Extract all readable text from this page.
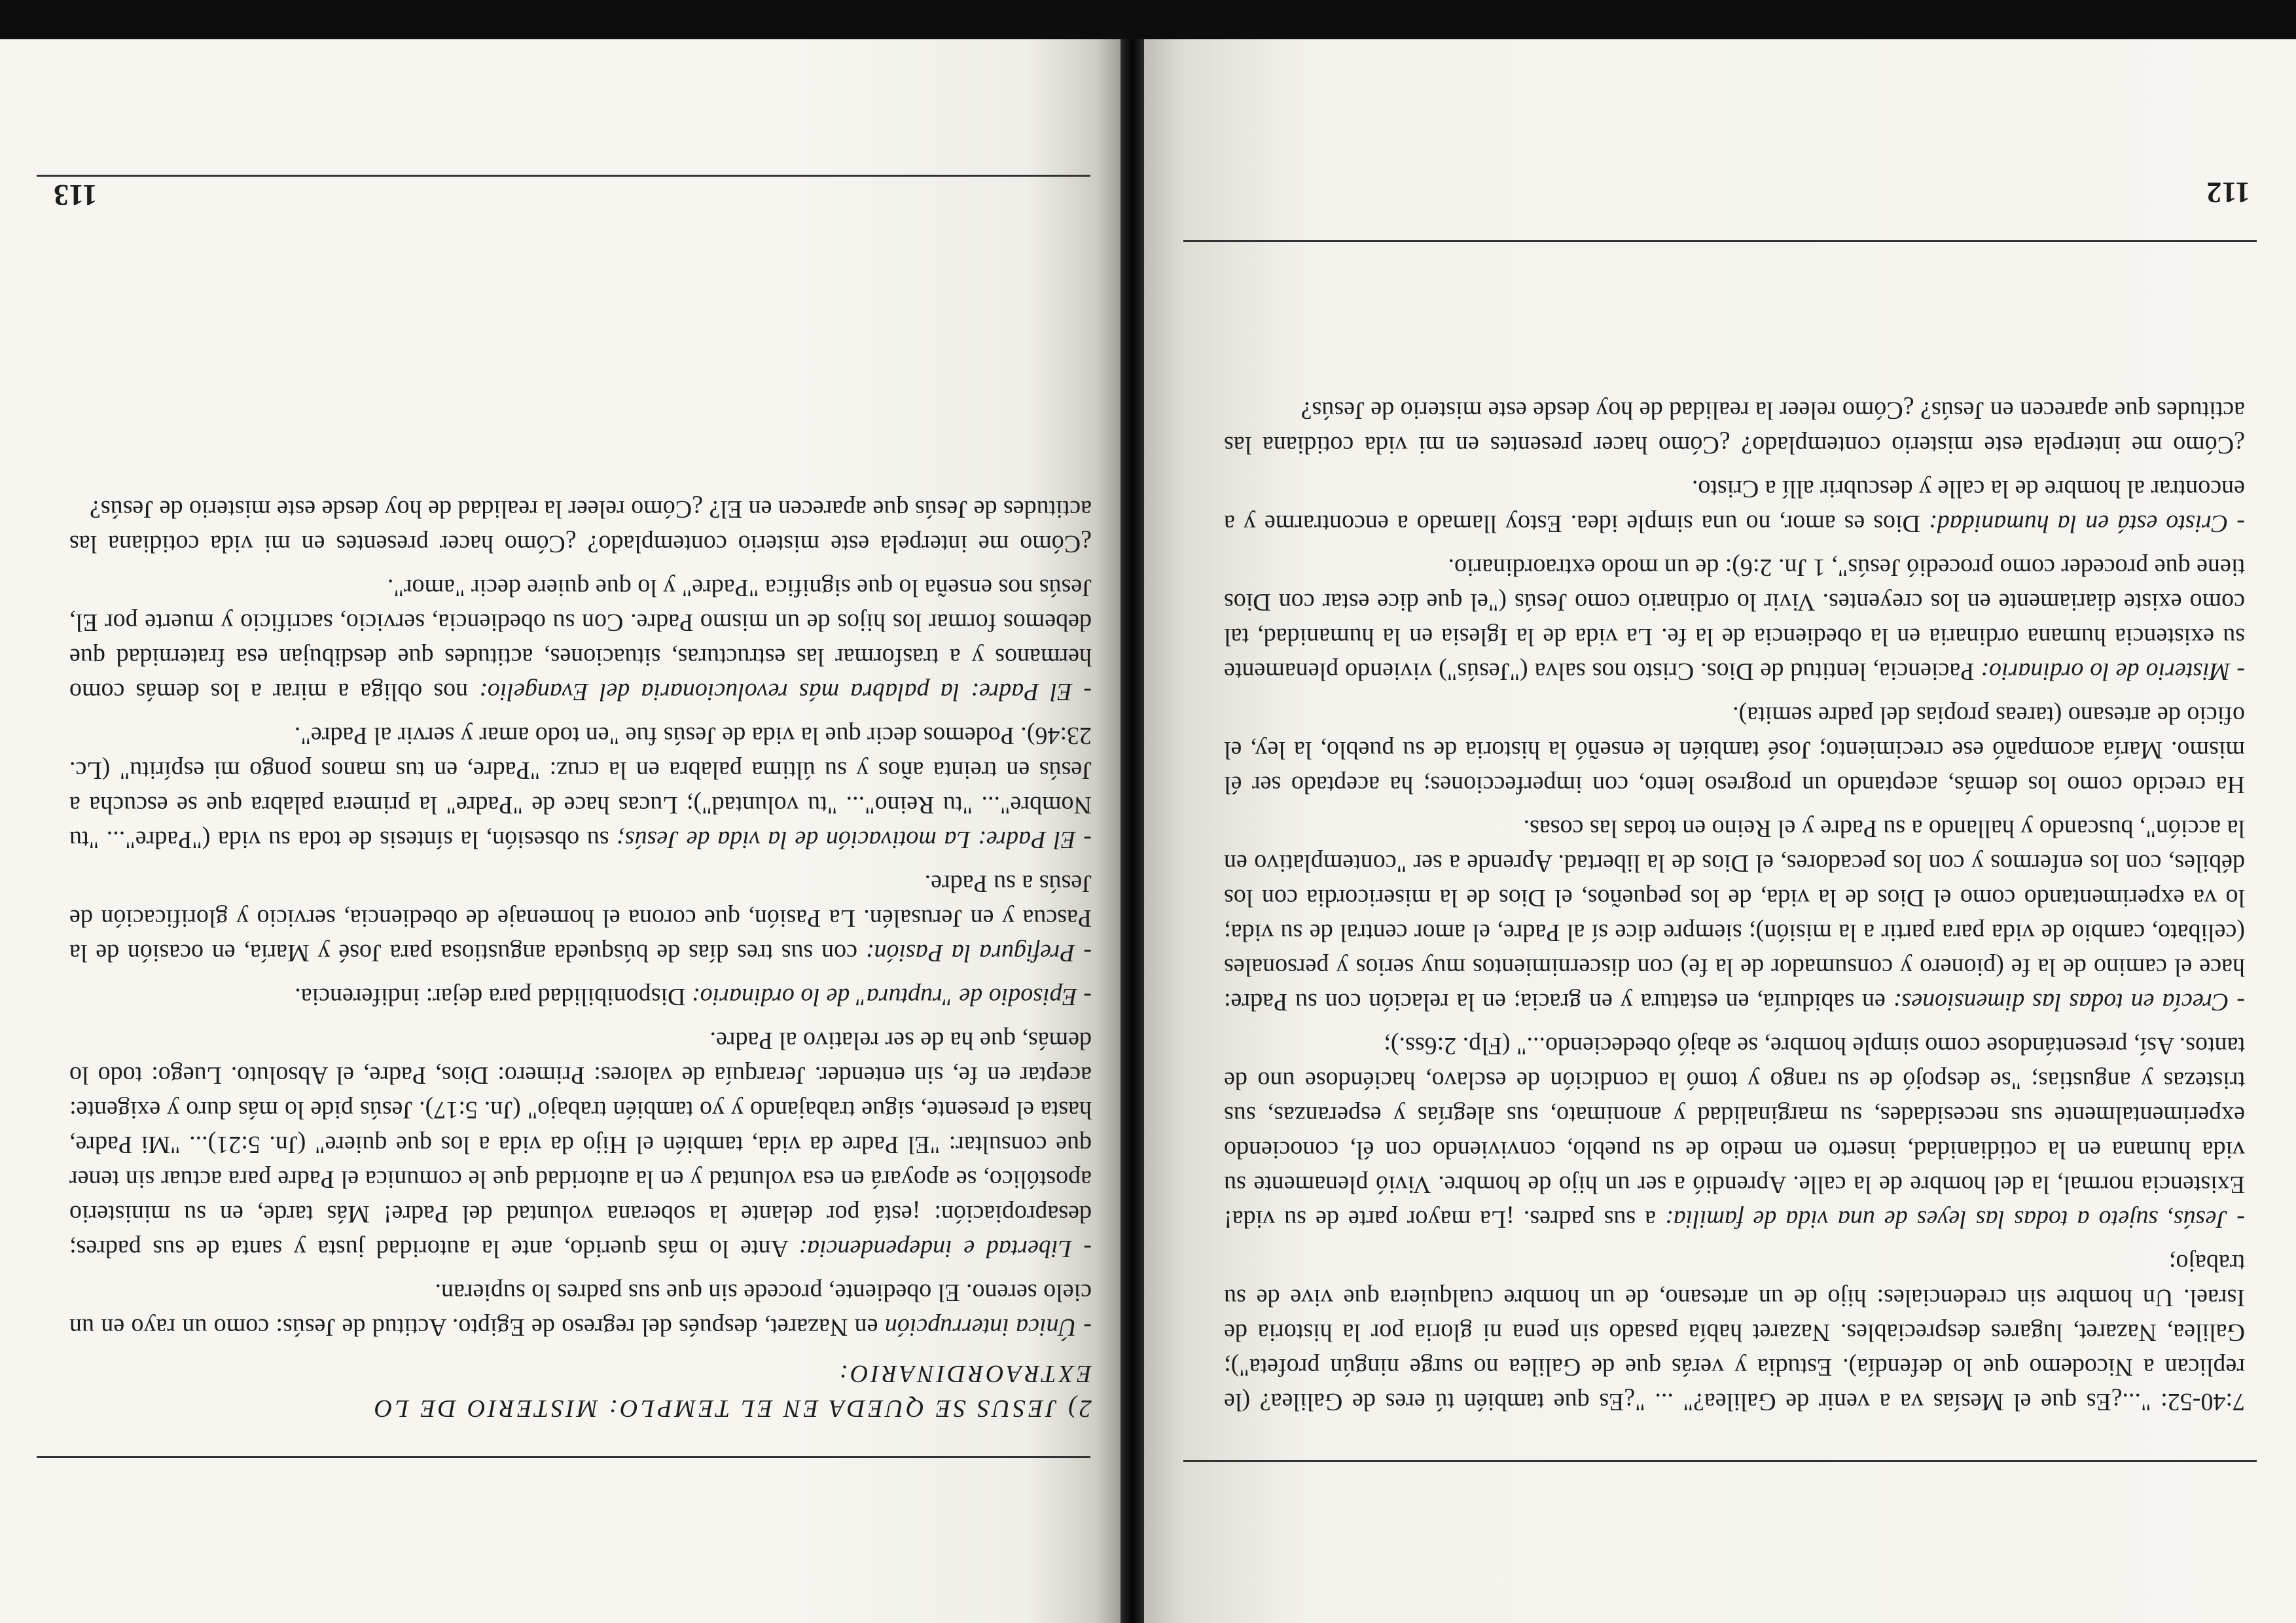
7:40-52: "...¿Es que el Mesías va a venir de Galilea?" ... "¿Es que también tú eres de Galilea? (le replican a Nicodemo que lo defendía). Estudia y verás que de Galilea no surge ningún profeta"); Galilea, Nazaret, lugares despreciables. Nazaret había pasado sin pena ni gloria por la historia de Israel. Un hombre sin credenciales: hijo de un artesano, de un hombre cualquiera que vive de su trabajo;

- Jesús, sujeto a todas las leyes de una vida de familia: a sus padres. ¡La mayor parte de su vida! Existencia normal, la del hombre de la calle. Aprendió a ser un hijo de hombre. Vivió plenamente su vida humana en la cotidianidad, inserto en medio de su pueblo, conviviendo con él, conociendo experimentalmente sus necesidades, su marginalidad y anonimato, sus alegrías y esperanzas, sus tristezas y angustias; "se despojó de su rango y tomó la condición de esclavo, haciéndose uno de tantos. Así, presentándose como simple hombre, se abajó obedeciendo..." (Flp. 2:6ss.);

- Crecía en todas las dimensiones: en sabiduría, en estatura y en gracia; en la relación con su Padre: hace el camino de la fe (pionero y consumador de la fe) con discernimientos muy serios y personales (celibato, cambio de vida para partir a la misión); siempre dice sí al Padre, el amor central de su vida; lo va experimentando como el Dios de la vida, de los pequeños, el Dios de la misericordia con los débiles, con los enfermos y con los pecadores, el Dios de la libertad. Aprende a ser "contemplativo en la acción", buscando y hallando a su Padre y el Reino en todas las cosas.

Ha crecido como los demás, aceptando un progreso lento, con imperfecciones; ha aceptado ser él mismo. María acompañó ese crecimiento; José también le enseñó la historia de su pueblo, la ley, el oficio de artesano (tareas propias del padre semita).

- Misterio de lo ordinario: Paciencia, lentitud de Dios. Cristo nos salva ("Jesús") viviendo plenamente su existencia humana ordinaria en la obediencia de la fe. La vida de la Iglesia en la humanidad, tal como existe diariamente en los creyentes. Vivir lo ordinario como Jesús ("el que dice estar con Dios tiene que proceder como procedió Jesús", 1 Jn. 2:6): de un modo extraordinario.

- Cristo está en la humanidad: Dios es amor, no una simple idea. Estoy llamado a encontrarme y a encontrar al hombre de la calle y descubrir allí a Cristo.

¿Cómo me interpela este misterio contemplado? ¿Cómo hacer presentes en mi vida cotidiana las actitudes que aparecen en Jesús? ¿Cómo releer la realidad de hoy desde este misterio de Jesús?

112

2) JESUS SE QUEDA EN EL TEMPLO: MISTERIO DE LO

EXTRAORDINARIO:

- Única interrupción en Nazaret, después del regreso de Egipto. Actitud de Jesús: como un rayo en un cielo sereno. El obediente, procede sin que sus padres lo supieran.

- Libertad e independencia: Ante lo más querido, ante la autoridad justa y santa de sus padres; desapropiación: ¡está por delante la soberana voluntad del Padre! Más tarde, en su ministerio apostólico, se apoyará en esa voluntad y en la autoridad que le comunica el Padre para actuar sin tener que consultar: "El Padre da vida, también el Hijo da vida a los que quiere" (Jn. 5:21)... "Mi Padre, hasta el presente, sigue trabajando y yo también trabajo" (Jn. 5:17). Jesús pide lo más duro y exigente: aceptar en fe, sin entender. Jerarquía de valores: Primero: Dios, Padre, el Absoluto. Luego: todo lo demás, que ha de ser relativo al Padre.

- Episodio de "ruptura" de lo ordinario: Disponibilidad para dejar: indiferencia.

- Prefigura la Pasión: con sus tres días de búsqueda angustiosa para José y María, en ocasión de la Pascua y en Jerusalén. La Pasión, que corona el homenaje de obediencia, servicio y glorificación de Jesús a su Padre.

- El Padre: La motivación de la vida de Jesús; su obsesión, la síntesis de toda su vida ("Padre"... "tu Nombre"... "tu Reino"... "tu voluntad"); Lucas hace de "Padre" la primera palabra que se escucha a Jesús en treinta años y su última palabra en la cruz: "Padre, en tus manos pongo mi espíritu" (Lc. 23:46). Podemos decir que la vida de Jesús fue "en todo amar y servir al Padre".

- El Padre: la palabra más revolucionaria del Evangelio: nos obliga a mirar a los demás como hermanos y a trasformar las estructuras, situaciones, actitudes que desdibujan esa fraternidad que debemos formar los hijos de un mismo Padre. Con su obediencia, servicio, sacrificio y muerte por El, Jesús nos enseña lo que significa "Padre" y lo que quiere decir "amor".

¿Cómo me interpela este misterio contemplado? ¿Cómo hacer presentes en mi vida cotidiana las actitudes de Jesús que aparecen en El? ¿Cómo releer la realidad de hoy desde este misterio de Jesús?

113
